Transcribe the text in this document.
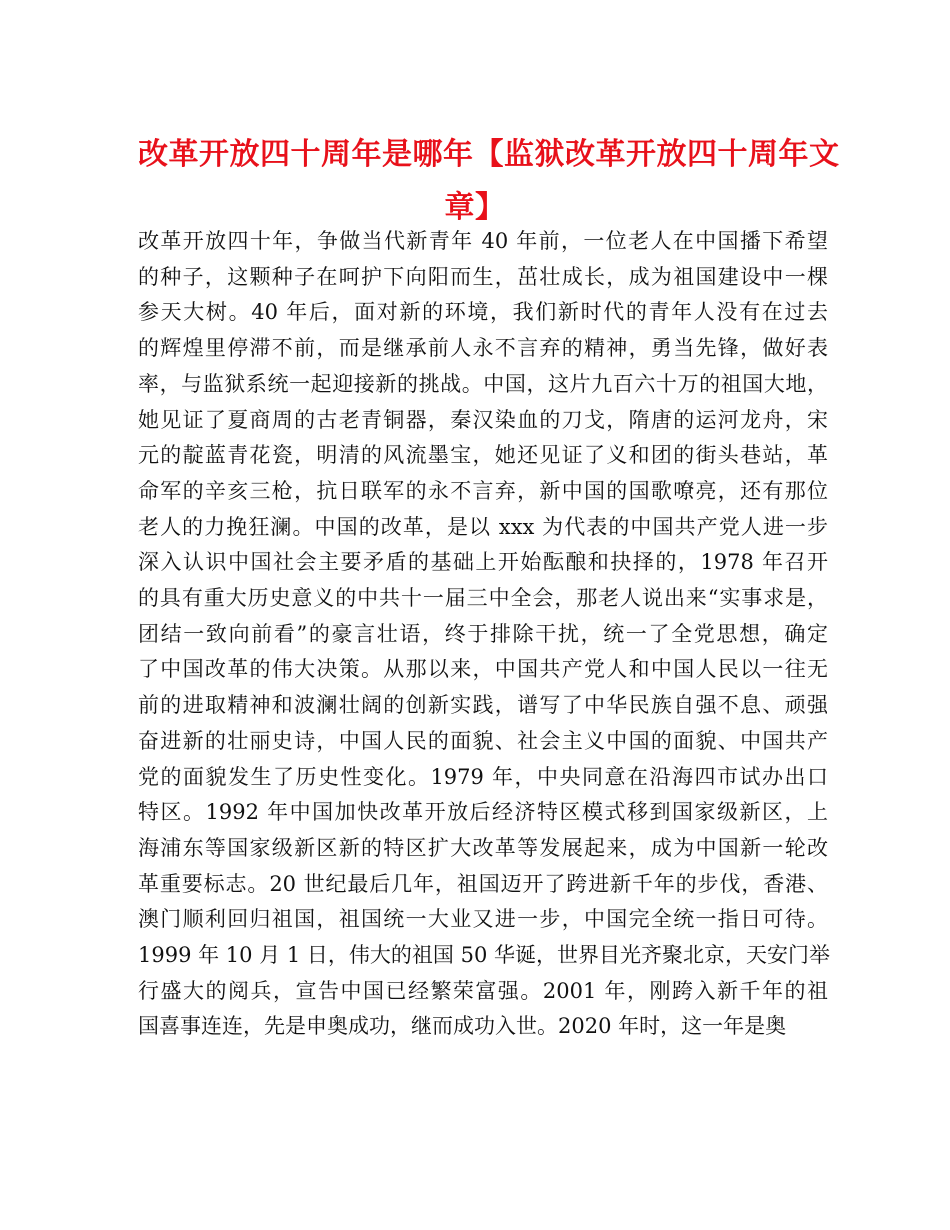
改革开放四十周年是哪年【监狱改革开放四十周年文
章】
改革开放四十年，争做当代新青年 40 年前，一位老人在中国播下希望
的种子，这颗种子在呵护下向阳而生，茁壮成长，成为祖国建设中一棵
参天大树。40 年后，面对新的环境，我们新时代的青年人没有在过去
的辉煌里停滞不前，而是继承前人永不言弃的精神，勇当先锋，做好表
率，与监狱系统一起迎接新的挑战。中国，这片九百六十万的祖国大地，
她见证了夏商周的古老青铜器，秦汉染血的刀戈，隋唐的运河龙舟，宋
元的靛蓝青花瓷，明清的风流墨宝，她还见证了义和团的街头巷站，革
命军的辛亥三枪，抗日联军的永不言弃，新中国的国歌嘹亮，还有那位
老人的力挽狂澜。中国的改革，是以 xxx 为代表的中国共产党人进一步
深入认识中国社会主要矛盾的基础上开始酝酿和抉择的，1978 年召开
的具有重大历史意义的中共十一届三中全会，那老人说出来“实事求是，
团结一致向前看”的豪言壮语，终于排除干扰，统一了全党思想，确定
了中国改革的伟大决策。从那以来，中国共产党人和中国人民以一往无
前的进取精神和波澜壮阔的创新实践，谱写了中华民族自强不息、顽强
奋进新的壮丽史诗，中国人民的面貌、社会主义中国的面貌、中国共产
党的面貌发生了历史性变化。1979 年，中央同意在沿海四市试办出口
特区。1992 年中国加快改革开放后经济特区模式移到国家级新区，上
海浦东等国家级新区新的特区扩大改革等发展起来，成为中国新一轮改
革重要标志。20 世纪最后几年，祖国迈开了跨进新千年的步伐，香港、
澳门顺利回归祖国，祖国统一大业又进一步，中国完全统一指日可待。
1999 年 10 月 1 日，伟大的祖国 50 华诞，世界目光齐聚北京，天安门举
行盛大的阅兵，宣告中国已经繁荣富强。2001 年，刚跨入新千年的祖
国喜事连连，先是申奥成功，继而成功入世。2020 年时，这一年是奥
